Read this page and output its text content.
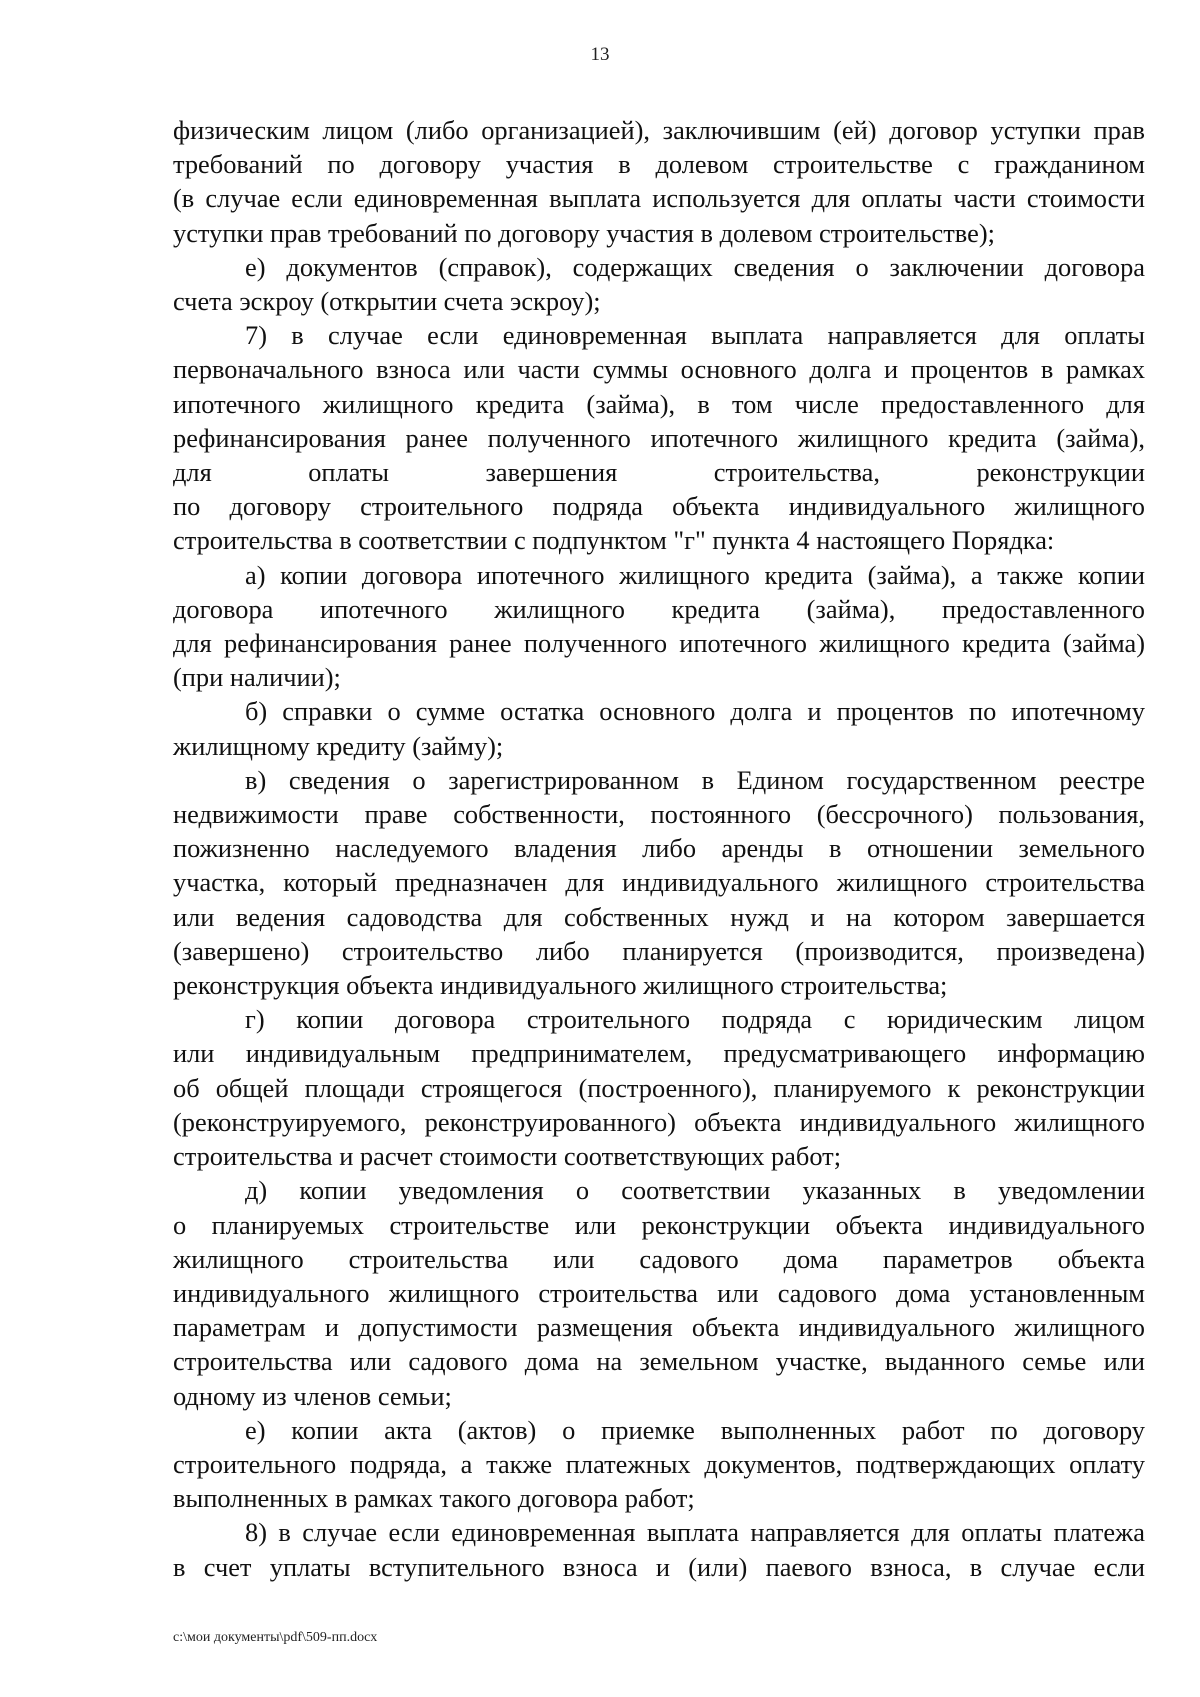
13

физическим лицом (либо организацией), заключившим (ей) договор уступки прав
требований по договору участия в долевом строительстве с гражданином
(в случае если единовременная выплата используется для оплаты части стоимости
уступки прав требований по договору участия в долевом строительстве);

е) документов (справок), содержащих сведения о заключении договора
счета эскроу (открытии счета эскроу);

7) в случае если единовременная выплата направляется для оплаты
первоначального взноса или части суммы основного долга и процентов в рамках
ипотечного жилищного кредита (займа), в том числе предоставленного для
рефинансирования ранее полученного ипотечного жилищного кредита (займа),
для оплаты завершения строительства, реконструкции
по договору строительного подряда объекта индивидуального жилищного
строительства в соответствии с подпунктом "г" пункта 4 настоящего Порядка:

а) копии договора ипотечного жилищного кредита (займа), а также копии
договора ипотечного жилищного кредита (займа), предоставленного
для рефинансирования ранее полученного ипотечного жилищного кредита (займа)
(при наличии);

б) справки о сумме остатка основного долга и процентов по ипотечному
жилищному кредиту (займу);

в) сведения о зарегистрированном в Едином государственном реестре
недвижимости праве собственности, постоянного (бессрочного) пользования,
пожизненно наследуемого владения либо аренды в отношении земельного
участка, который предназначен для индивидуального жилищного строительства
или ведения садоводства для собственных нужд и на котором завершается
(завершено) строительство либо планируется (производится, произведена)
реконструкция объекта индивидуального жилищного строительства;

г) копии договора строительного подряда с юридическим лицом
или индивидуальным предпринимателем, предусматривающего информацию
об общей площади строящегося (построенного), планируемого к реконструкции
(реконструируемого, реконструированного) объекта индивидуального жилищного
строительства и расчет стоимости соответствующих работ;

д) копии уведомления о соответствии указанных в уведомлении
о планируемых строительстве или реконструкции объекта индивидуального
жилищного строительства или садового дома параметров объекта
индивидуального жилищного строительства или садового дома установленным
параметрам и допустимости размещения объекта индивидуального жилищного
строительства или садового дома на земельном участке, выданного семье или
одному из членов семьи;

е) копии акта (актов) о приемке выполненных работ по договору
строительного подряда, а также платежных документов, подтверждающих оплату
выполненных в рамках такого договора работ;

8) в случае если единовременная выплата направляется для оплаты платежа
в счет уплаты вступительного взноса и (или) паевого взноса, в случае если

c:\мои документы\pdf\509-пп.docx
